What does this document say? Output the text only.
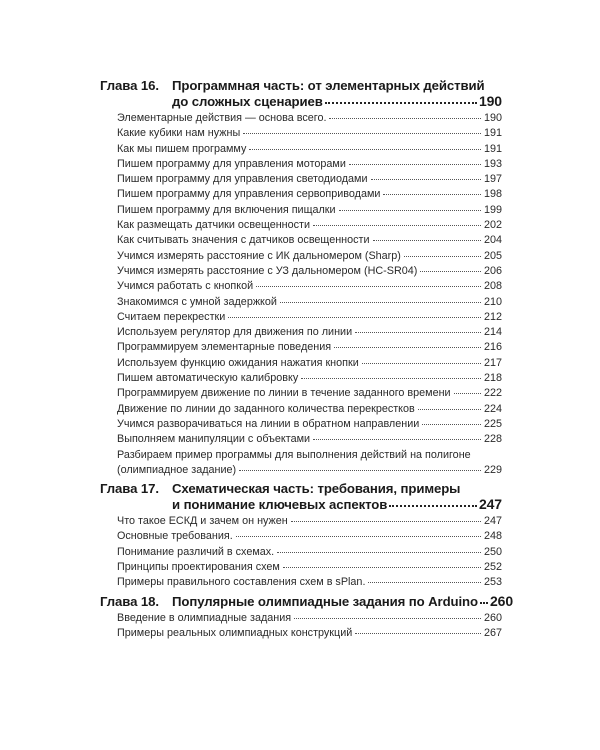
Глава 16. Программная часть: от элементарных действий
до сложных сценариев	190
Элементарные действия — основа всего.	190
Какие кубики нам нужны	191
Как мы пишем программу	191
Пишем программу для управления моторами	193
Пишем программу для управления светодиодами	197
Пишем программу для управления сервоприводами	198
Пишем программу для включения пищалки	199
Как размещать датчики освещенности	202
Как считывать значения с датчиков освещенности	204
Учимся измерять расстояние с ИК дальномером (Sharp)	205
Учимся измерять расстояние с УЗ дальномером (HC-SR04)	206
Учимся работать с кнопкой	208
Знакомимся с умной задержкой	210
Считаем перекрестки	212
Используем регулятор для движения по линии	214
Программируем элементарные поведения	216
Используем функцию ожидания нажатия кнопки	217
Пишем автоматическую калибровку	218
Программируем движение по линии в течение заданного времени	222
Движение по линии до заданного количества перекрестков	224
Учимся разворачиваться на линии в обратном направлении	225
Выполняем манипуляции с объектами	228
Разбираем пример программы для выполнения действий на полигоне
(олимпиадное задание)	229
Глава 17. Схематическая часть: требования, примеры
и понимание ключевых аспектов	247
Что такое ЕСКД и зачем он нужен	247
Основные требования.	248
Понимание различий в схемах.	250
Принципы проектирования схем	252
Примеры правильного составления схем в sPlan.	253
Глава 18. Популярные олимпиадные задания по Arduino 260
Введение в олимпиадные задания	260
Примеры реальных олимпиадных конструкций	267
